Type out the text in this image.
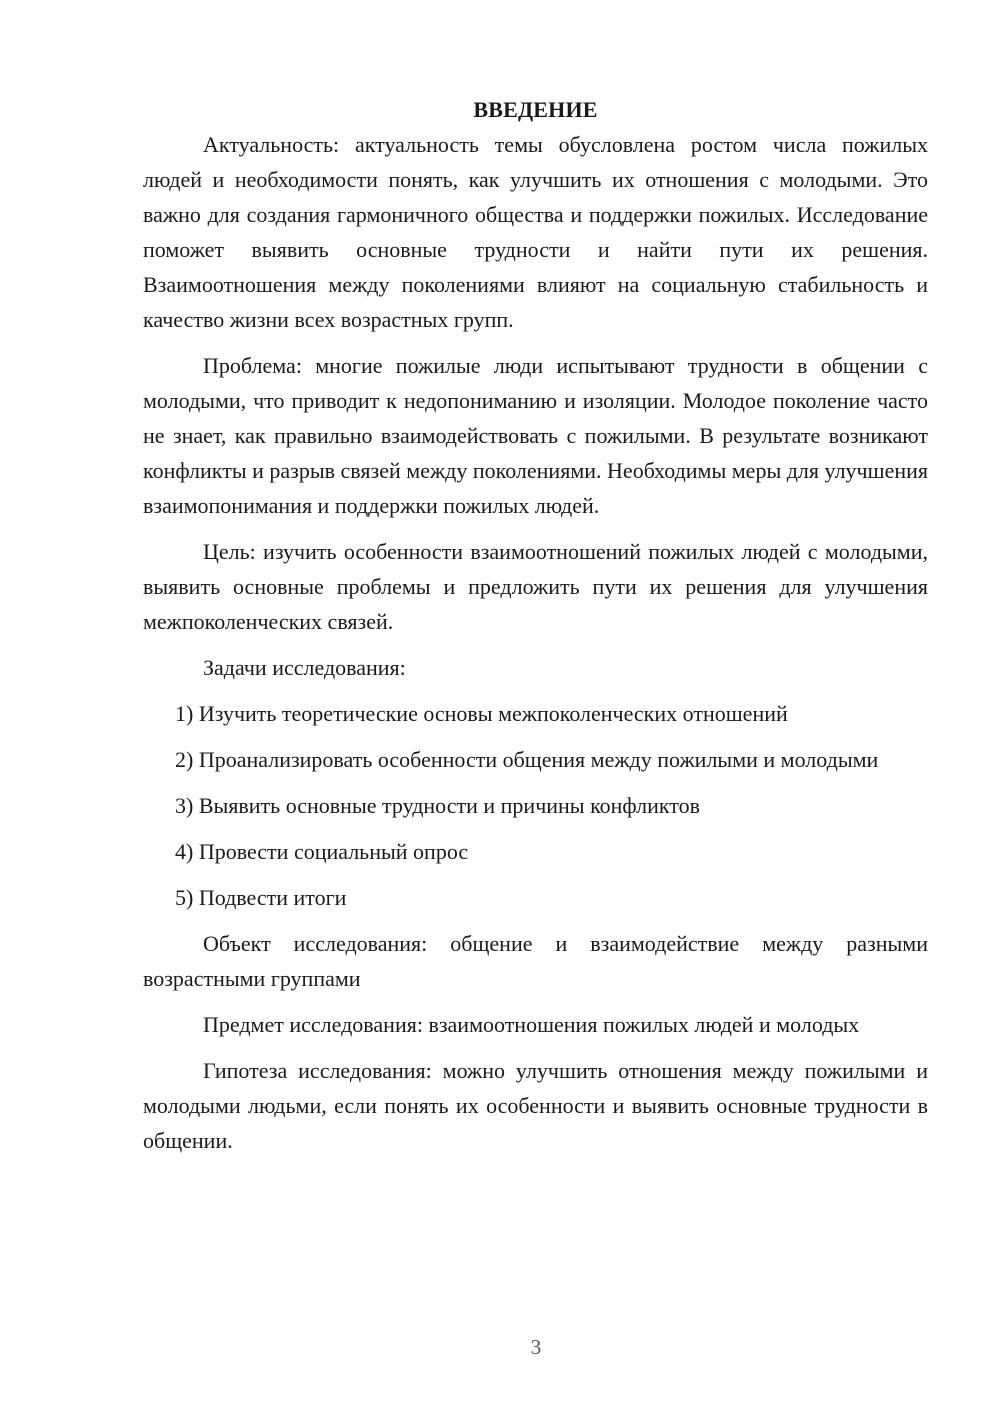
ВВЕДЕНИЕ

Актуальность: актуальность темы обусловлена ростом числа пожилых людей и необходимости понять, как улучшить их отношения с молодыми. Это важно для создания гармоничного общества и поддержки пожилых. Исследование поможет выявить основные трудности и найти пути их решения. Взаимоотношения между поколениями влияют на социальную стабильность и качество жизни всех возрастных групп.

Проблема: многие пожилые люди испытывают трудности в общении с молодыми, что приводит к недопониманию и изоляции. Молодое поколение часто не знает, как правильно взаимодействовать с пожилыми. В результате возникают конфликты и разрыв связей между поколениями. Необходимы меры для улучшения взаимопонимания и поддержки пожилых людей.

Цель: изучить особенности взаимоотношений пожилых людей с молодыми, выявить основные проблемы и предложить пути их решения для улучшения межпоколенческих связей.

Задачи исследования:

1) Изучить теоретические основы межпоколенческих отношений

2) Проанализировать особенности общения между пожилыми и молодыми

3) Выявить основные трудности и причины конфликтов

4) Провести социальный опрос

5) Подвести итоги

Объект исследования: общение и взаимодействие между разными возрастными группами

Предмет исследования: взаимоотношения пожилых людей и молодых

Гипотеза исследования: можно улучшить отношения между пожилыми и молодыми людьми, если понять их особенности и выявить основные трудности в общении.

3
